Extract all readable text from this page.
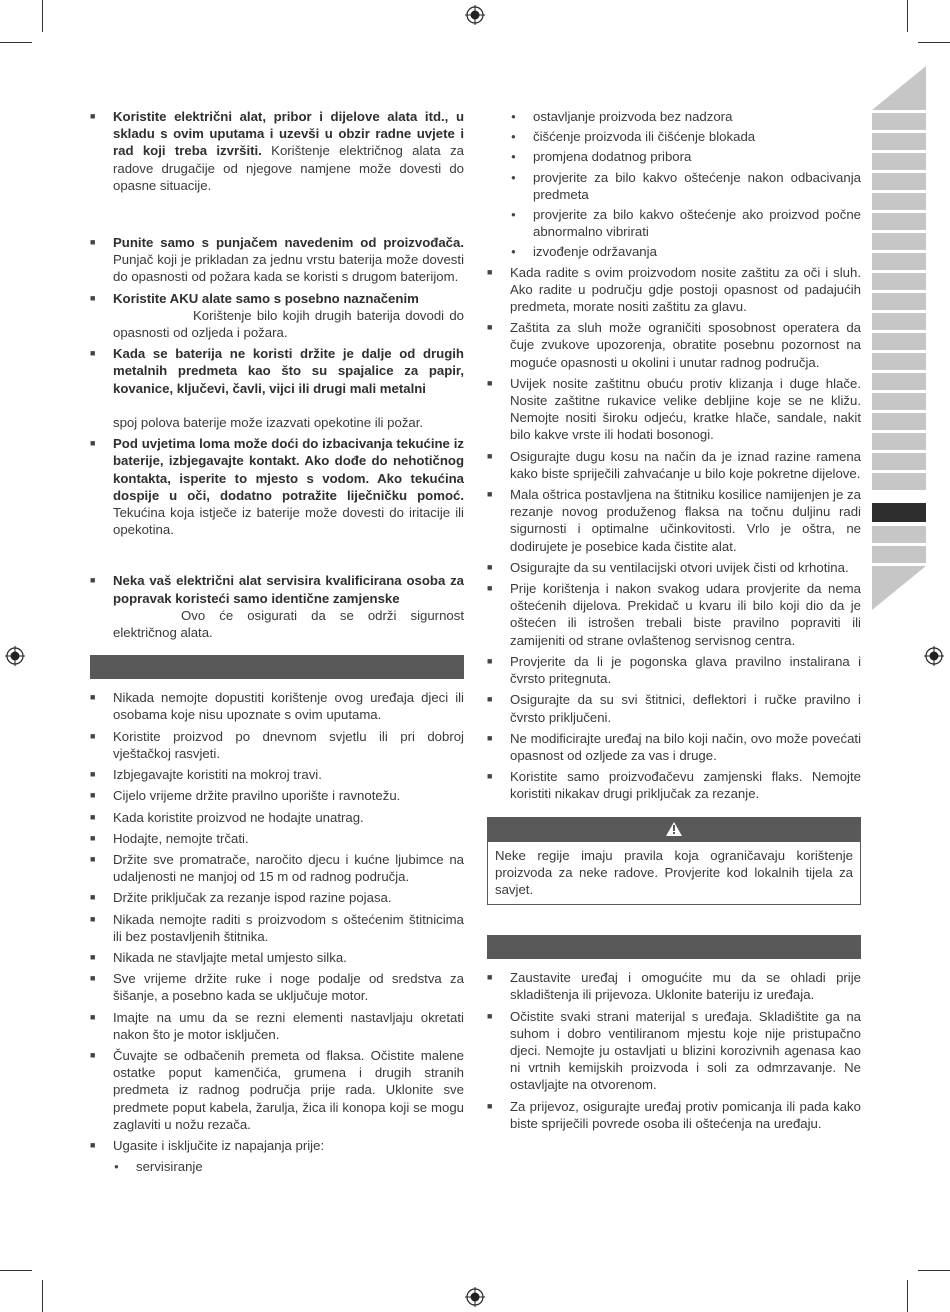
■ Koristite električni alat, pribor i dijelove alata itd., u skladu s ovim uputama i uzevši u obzir radne uvjete i rad koji treba izvršiti. Korištenje električnog alata za radove drugačije od njegove namjene može dovesti do opasne situacije.
■ Punite samo s punjačem navedenim od proizvođača. Punjač koji je prikladan za jednu vrstu baterija može dovesti do opasnosti od požara kada se koristi s drugom baterijom.
■ Koristite AKU alate samo s posebno naznačenim
Korištenje bilo kojih drugih baterija dovodi do opasnosti od ozljeda i požara.
■ Kada se baterija ne koristi držite je dalje od drugih metalnih predmeta kao što su spajalice za papir, kovanice, ključevi, čavli, vijci ili drugi mali metalni

spoj polova baterije može izazvati opekotine ili požar.
■ Pod uvjetima loma može doći do izbacivanja tekućine iz baterije, izbjegavajte kontakt. Ako dođe do nehotičnog kontakta, isperite to mjesto s vodom. Ako tekućina dospije u oči, dodatno potražite liječničku pomoć. Tekućina koja istječe iz baterije može dovesti do iritacije ili opekotina.
■ Neka vaš električni alat servisira kvalificirana osoba za popravak koristeći samo identične zamjenske
Ovo će osigurati da se održi sigurnost električnog alata.
■ Nikada nemojte dopustiti korištenje ovog uređaja djeci ili osobama koje nisu upoznate s ovim uputama.
■ Koristite proizvod po dnevnom svjetlu ili pri dobroj vještačkoj rasvjeti.
■ Izbjegavajte koristiti na mokroj travi.
■ Cijelo vrijeme držite pravilno uporište i ravnotežu.
■ Kada koristite proizvod ne hodajte unatrag.
■ Hodajte, nemojte trčati.
■ Držite sve promatrače, naročito djecu i kućne ljubimce na udaljenosti ne manjoj od 15 m od radnog područja.
■ Držite priključak za rezanje ispod razine pojasa.
■ Nikada nemojte raditi s proizvodom s oštećenim štitnicima ili bez postavljenih štitnika.
■ Nikada ne stavljajte metal umjesto silka.
■ Sve vrijeme držite ruke i noge podalje od sredstva za šišanje, a posebno kada se uključuje motor.
■ Imajte na umu da se rezni elementi nastavljaju okretati nakon što je motor isključen.
■ Čuvajte se odbačenih premeta od flaksa. Očistite malene ostatke poput kamenčića, grumena i drugih stranih predmeta iz radnog područja prije rada. Uklonite sve predmete poput kabela, žarulja, žica ili konopa koji se mogu zaglaviti u nožu rezača.
■ Ugasite i isključite iz napajanja prije:
● servisiranje
● ostavljanje proizvoda bez nadzora
● čišćenje proizvoda ili čišćenje blokada
● promjena dodatnog pribora
● provjerite za bilo kakvo oštećenje nakon odbacivanja predmeta
● provjerite za bilo kakvo oštećenje ako proizvod počne abnormalno vibrirati
● izvođenje održavanja
■ Kada radite s ovim proizvodom nosite zaštitu za oči i sluh. Ako radite u području gdje postoji opasnost od padajućih predmeta, morate nositi zaštitu za glavu.
■ Zaštita za sluh može ograničiti sposobnost operatera da čuje zvukove upozorenja, obratite posebnu pozornost na moguće opasnosti u okolini i unutar radnog područja.
■ Uvijek nosite zaštitnu obuću protiv klizanja i duge hlače. Nosite zaštitne rukavice velike debljine koje se ne kližu. Nemojte nositi široku odjeću, kratke hlače, sandale, nakit bilo kakve vrste ili hodati bosonogi.
■ Osigurajte dugu kosu na način da je iznad razine ramena kako biste spriječili zahvaćanje u bilo koje pokretne dijelove.
■ Mala oštrica postavljena na štitniku kosilice namijenjen je za rezanje novog produženog flaksa na točnu duljinu radi sigurnosti i optimalne učinkovitosti. Vrlo je oštra, ne dodirujete je posebice kada čistite alat.
■ Osigurajte da su ventilacijski otvori uvijek čisti od krhotina.
■ Prije korištenja i nakon svakog udara provjerite da nema oštećenih dijelova. Prekidač u kvaru ili bilo koji dio da je oštećen ili istrošen trebali biste pravilno popraviti ili zamijeniti od strane ovlaštenog servisnog centra.
■ Provjerite da li je pogonska glava pravilno instalirana i čvrsto pritegnuta.
■ Osigurajte da su svi štitnici, deflektori i ručke pravilno i čvrsto priključeni.
■ Ne modificirajte uređaj na bilo koji način, ovo može povećati opasnost od ozljede za vas i druge.
■ Koristite samo proizvođačevu zamjenski flaks. Nemojte koristiti nikakav drugi priključak za rezanje.
Neke regije imaju pravila koja ograničavaju korištenje proizvoda za neke radove. Provjerite kod lokalnih tijela za savjet.
■ Zaustavite uređaj i omogućite mu da se ohladi prije skladištenja ili prijevoza. Uklonite bateriju iz uređaja.
■ Očistite svaki strani materijal s uređaja. Skladištite ga na suhom i dobro ventiliranom mjestu koje nije pristupačno djeci. Nemojte ju ostavljati u blizini korozivnih agenasa kao ni vrtnih kemijskih proizvoda i soli za odmrzavanje. Ne ostavljajte na otvorenom.
■ Za prijevoz, osigurajte uređaj protiv pomicanja ili pada kako biste spriječili povrede osoba ili oštećenja na uređaju.
